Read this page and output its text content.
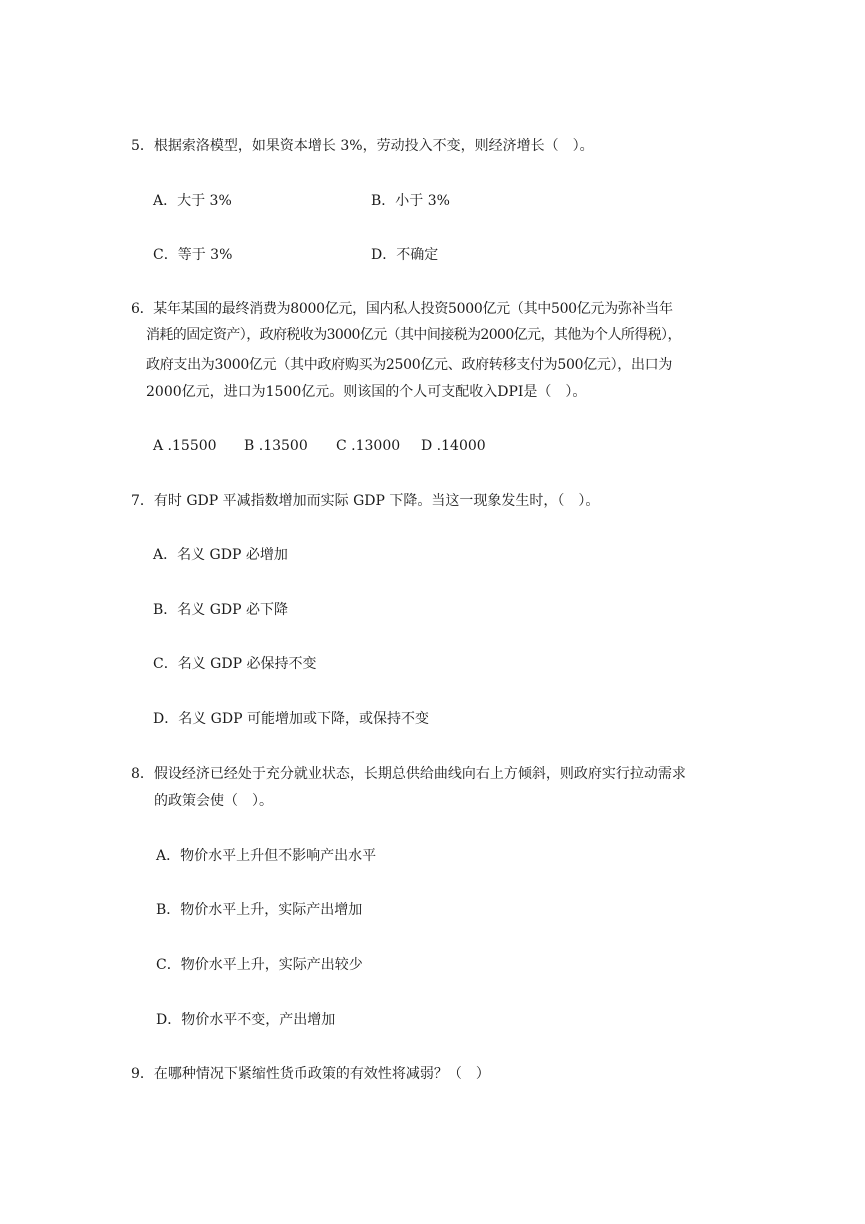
5．根据索洛模型，如果资本增长 3%，劳动投入不变，则经济增长（　）。
A．大于 3%	B．小于 3%
C．等于 3%	D．不确定
6．某年某国的最终消费为8000亿元，国内私人投资5000亿元（其中500亿元为弥补当年
消耗的固定资产），政府税收为3000亿元（其中间接税为2000亿元，其他为个人所得税），
政府支出为3000亿元（其中政府购买为2500亿元、政府转移支付为500亿元），出口为
2000亿元，进口为1500亿元。则该国的个人可支配收入DPI是（　）。
A .15500 B .13500 C .13000 D .14000
7．有时 GDP 平减指数增加而实际 GDP 下降。当这一现象发生时，（　）。
A．名义 GDP 必增加
B．名义 GDP 必下降
C．名义 GDP 必保持不变
D．名义 GDP 可能增加或下降，或保持不变
8．假设经济已经处于充分就业状态，长期总供给曲线向右上方倾斜，则政府实行拉动需求
的政策会使（　）。
A．物价水平上升但不影响产出水平
B．物价水平上升，实际产出增加
C．物价水平上升，实际产出较少
D．物价水平不变，产出增加
9．在哪种情况下紧缩性货币政策的有效性将减弱？（　）
